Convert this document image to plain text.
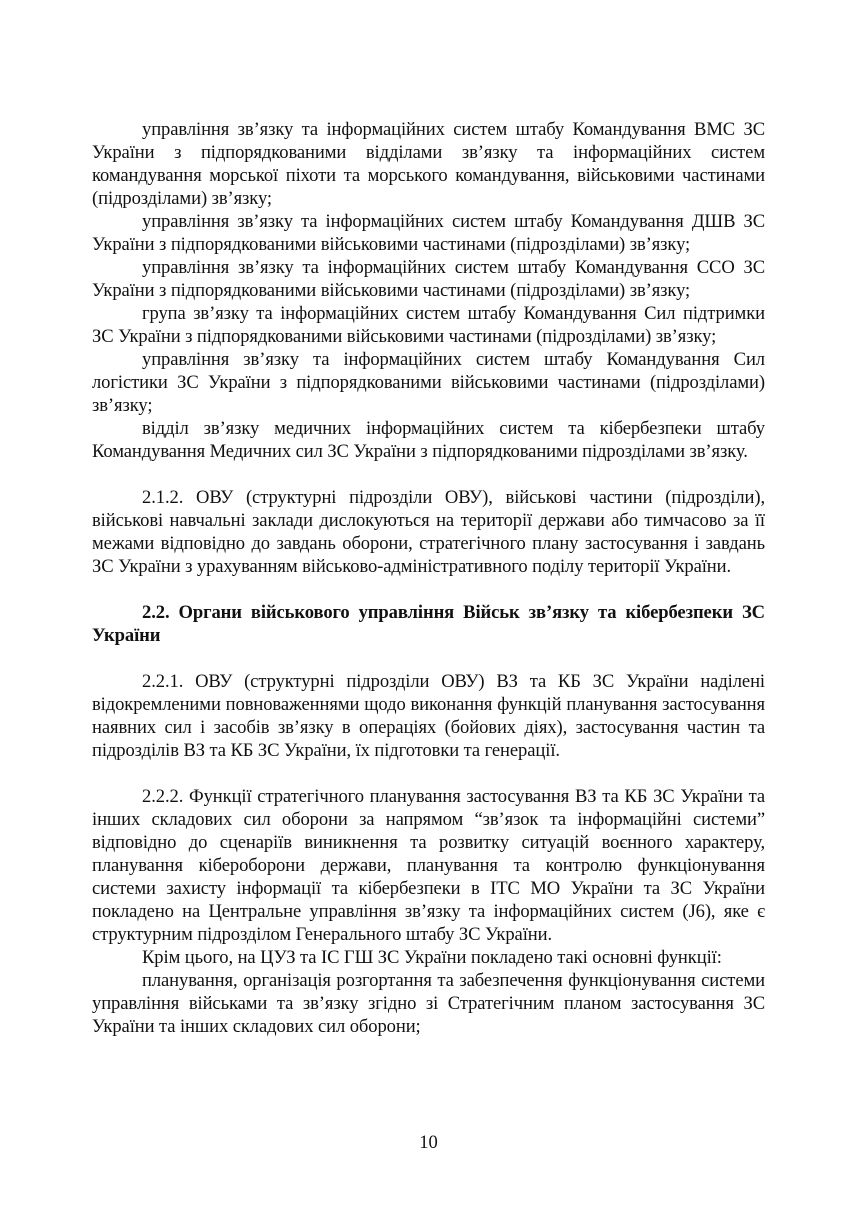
управління зв’язку та інформаційних систем штабу Командування ВМС ЗС України з підпорядкованими відділами зв’язку та інформаційних систем командування морської піхоти та морського командування, військовими частинами (підрозділами) зв’язку;

управління зв’язку та інформаційних систем штабу Командування ДШВ ЗС України з підпорядкованими військовими частинами (підрозділами) зв’язку;

управління зв’язку та інформаційних систем штабу Командування ССО ЗС України з підпорядкованими військовими частинами (підрозділами) зв’язку;

група зв’язку та інформаційних систем штабу Командування Сил підтримки ЗС України з підпорядкованими військовими частинами (підрозділами) зв’язку;

управління зв’язку та інформаційних систем штабу Командування Сил логістики ЗС України з підпорядкованими військовими частинами (підрозділами) зв’язку;

відділ зв’язку медичних інформаційних систем та кібербезпеки штабу Командування Медичних сил ЗС України з підпорядкованими підрозділами зв’язку.

2.1.2. ОВУ (структурні підрозділи ОВУ), військові частини (підрозділи), військові навчальні заклади дислокуються на території держави або тимчасово за її межами відповідно до завдань оборони, стратегічного плану застосування і завдань ЗС України з урахуванням військово-адміністративного поділу території України.

2.2. Органи військового управління Військ зв’язку та кібербезпеки ЗС України

2.2.1. ОВУ (структурні підрозділи ОВУ) ВЗ та КБ ЗС України наділені відокремленими повноваженнями щодо виконання функцій планування застосування наявних сил і засобів зв’язку в операціях (бойових діях), застосування частин та підрозділів ВЗ та КБ ЗС України, їх підготовки та генерації.

2.2.2. Функції стратегічного планування застосування ВЗ та КБ ЗС України та інших складових сил оборони за напрямом “зв’язок та інформаційні системи” відповідно до сценаріїв виникнення та розвитку ситуацій воєнного характеру, планування кібероборони держави, планування та контролю функціонування системи захисту інформації та кібербезпеки в ІТС МО України та ЗС України покладено на Центральне управління зв’язку та інформаційних систем (J6), яке є структурним підрозділом Генерального штабу ЗС України.

Крім цього, на ЦУЗ та ІС ГШ ЗС України покладено такі основні функції:

планування, організація розгортання та забезпечення функціонування системи управління військами та зв’язку згідно зі Стратегічним планом застосування ЗС України та інших складових сил оборони;

10
